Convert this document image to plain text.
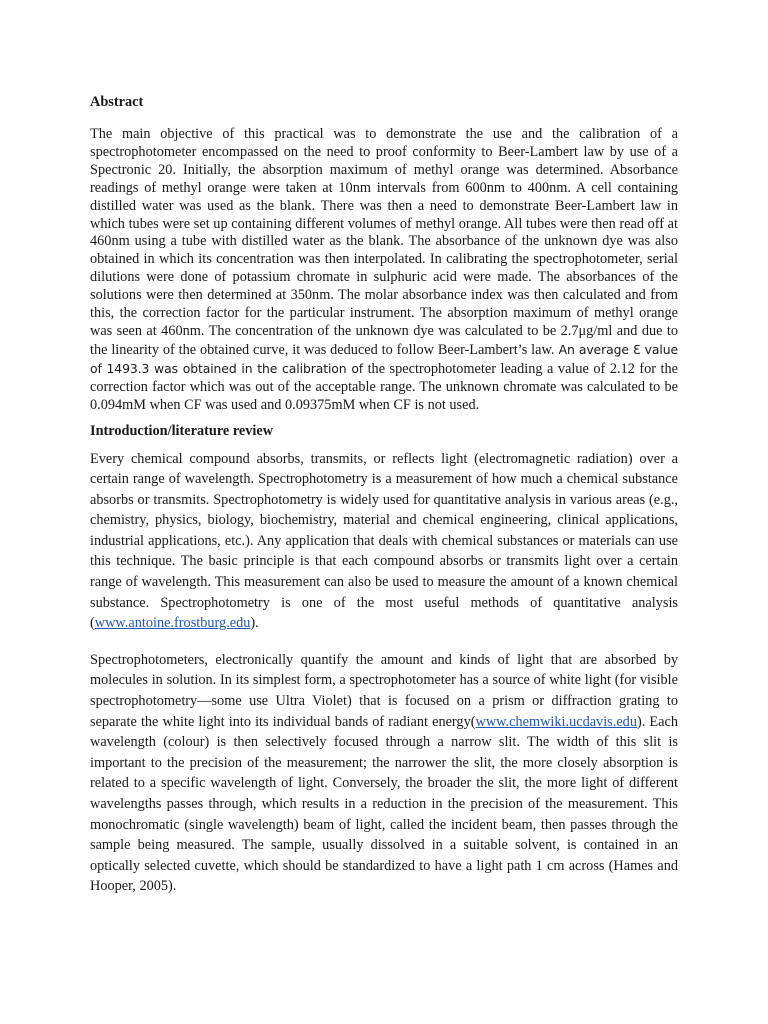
Abstract

The main objective of this practical was to demonstrate the use and the calibration of a spectrophotometer encompassed on the need to proof conformity to Beer-Lambert law by use of a Spectronic 20. Initially, the absorption maximum of methyl orange was determined. Absorbance readings of methyl orange were taken at 10nm intervals from 600nm to 400nm. A cell containing distilled water was used as the blank. There was then a need to demonstrate Beer-Lambert law in which tubes were set up containing different volumes of methyl orange. All tubes were then read off at 460nm using a tube with distilled water as the blank. The absorbance of the unknown dye was also obtained in which its concentration was then interpolated. In calibrating the spectrophotometer, serial dilutions were done of potassium chromate in sulphuric acid were made. The absorbances of the solutions were then determined at 350nm. The molar absorbance index was then calculated and from this, the correction factor for the particular instrument. The absorption maximum of methyl orange was seen at 460nm. The concentration of the unknown dye was calculated to be 2.7μg/ml and due to the linearity of the obtained curve, it was deduced to follow Beer-Lambert’s law. An average ℇ value of 1493.3 was obtained in the calibration of the spectrophotometer leading a value of 2.12 for the correction factor which was out of the acceptable range. The unknown chromate was calculated to be 0.094mM when CF was used and 0.09375mM when CF is not used.

Introduction/literature review

Every chemical compound absorbs, transmits, or reflects light (electromagnetic radiation) over a certain range of wavelength. Spectrophotometry is a measurement of how much a chemical substance absorbs or transmits. Spectrophotometry is widely used for quantitative analysis in various areas (e.g., chemistry, physics, biology, biochemistry, material and chemical engineering, clinical applications, industrial applications, etc.). Any application that deals with chemical substances or materials can use this technique. The basic principle is that each compound absorbs or transmits light over a certain range of wavelength. This measurement can also be used to measure the amount of a known chemical substance. Spectrophotometry is one of the most useful methods of quantitative analysis (www.antoine.frostburg.edu).

Spectrophotometers, electronically quantify the amount and kinds of light that are absorbed by molecules in solution. In its simplest form, a spectrophotometer has a source of white light (for visible spectrophotometry—some use Ultra Violet) that is focused on a prism or diffraction grating to separate the white light into its individual bands of radiant energy(www.chemwiki.ucdavis.edu). Each wavelength (colour) is then selectively focused through a narrow slit. The width of this slit is important to the precision of the measurement; the narrower the slit, the more closely absorption is related to a specific wavelength of light. Conversely, the broader the slit, the more light of different wavelengths passes through, which results in a reduction in the precision of the measurement. This monochromatic (single wavelength) beam of light, called the incident beam, then passes through the sample being measured. The sample, usually dissolved in a suitable solvent, is contained in an optically selected cuvette, which should be standardized to have a light path 1 cm across (Hames and Hooper, 2005).
